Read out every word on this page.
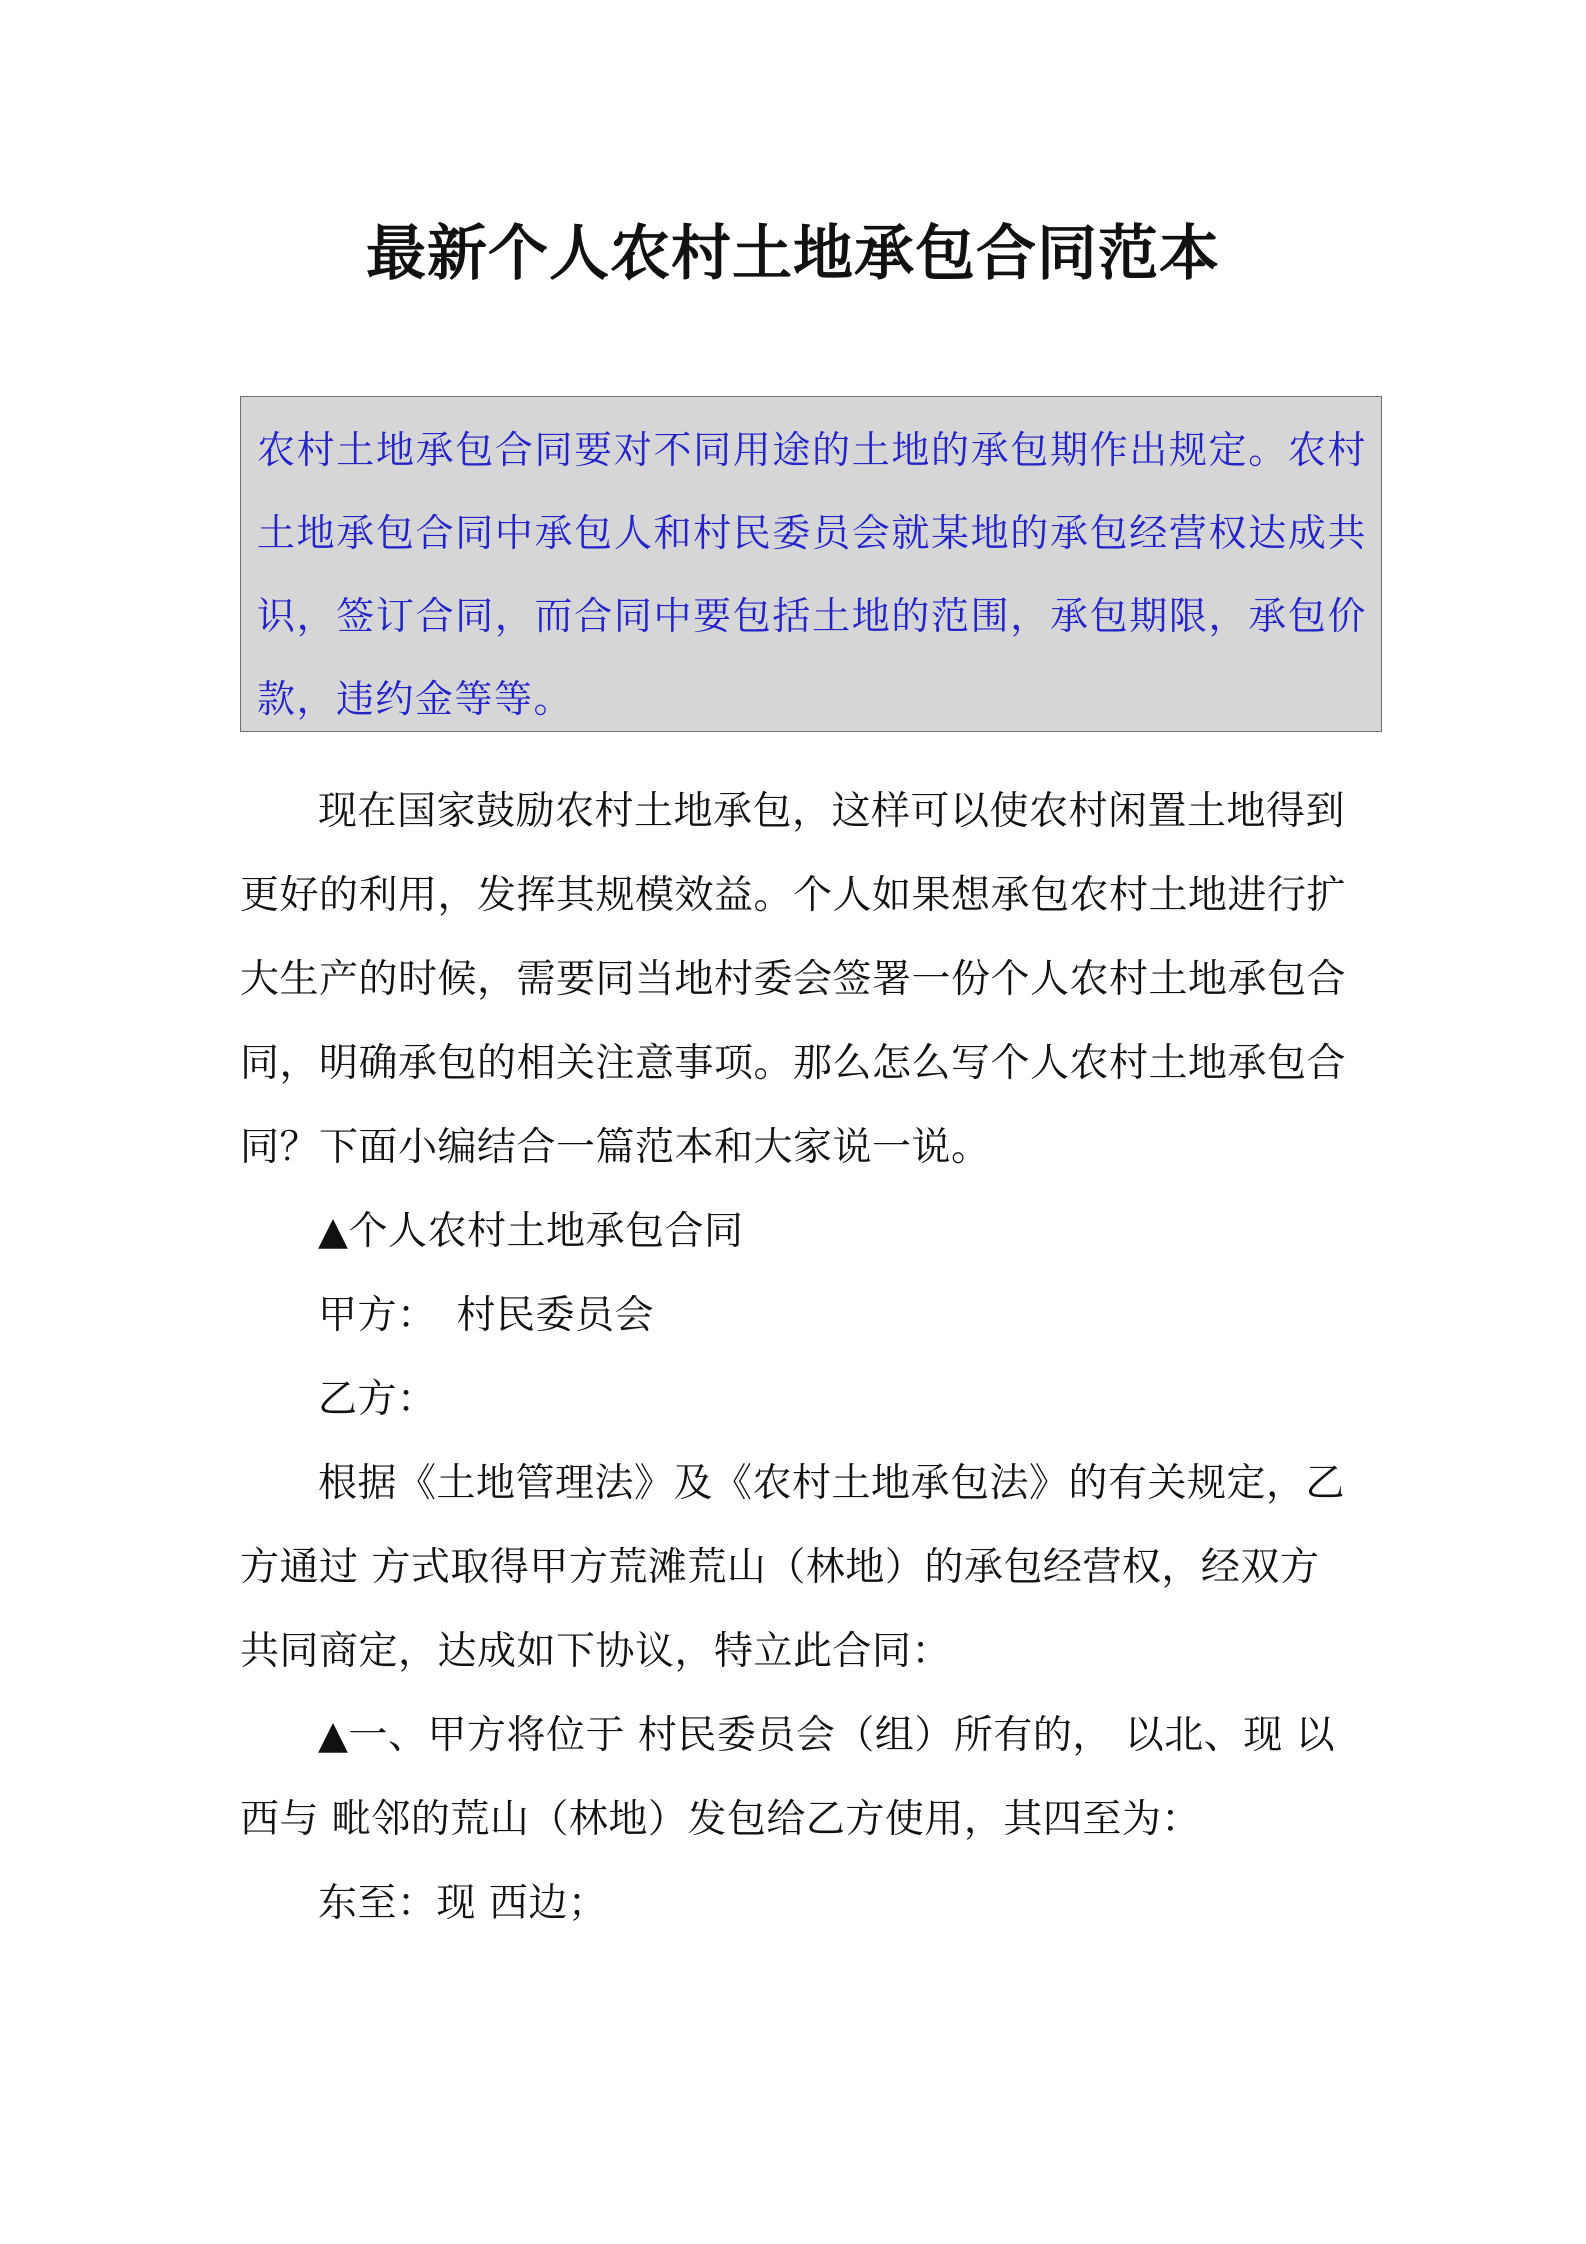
最新个人农村土地承包合同范本

农村土地承包合同要对不同用途的土地的承包期作出规定。农村土地承包合同中承包人和村民委员会就某地的承包经营权达成共识，签订合同，而合同中要包括土地的范围，承包期限，承包价款，违约金等等。

现在国家鼓励农村土地承包，这样可以使农村闲置土地得到更好的利用，发挥其规模效益。个人如果想承包农村土地进行扩大生产的时候，需要同当地村委会签署一份个人农村土地承包合同，明确承包的相关注意事项。那么怎么写个人农村土地承包合同？下面小编结合一篇范本和大家说一说。

▲个人农村土地承包合同

甲方：　村民委员会

乙方：

根据《土地管理法》及《农村土地承包法》的有关规定，乙方通过 方式取得甲方荒滩荒山（林地）的承包经营权，经双方共同商定，达成如下协议，特立此合同：

▲一、甲方将位于 村民委员会（组）所有的， 以北、现 以西与 毗邻的荒山（林地）发包给乙方使用，其四至为：

东至：现 西边；
